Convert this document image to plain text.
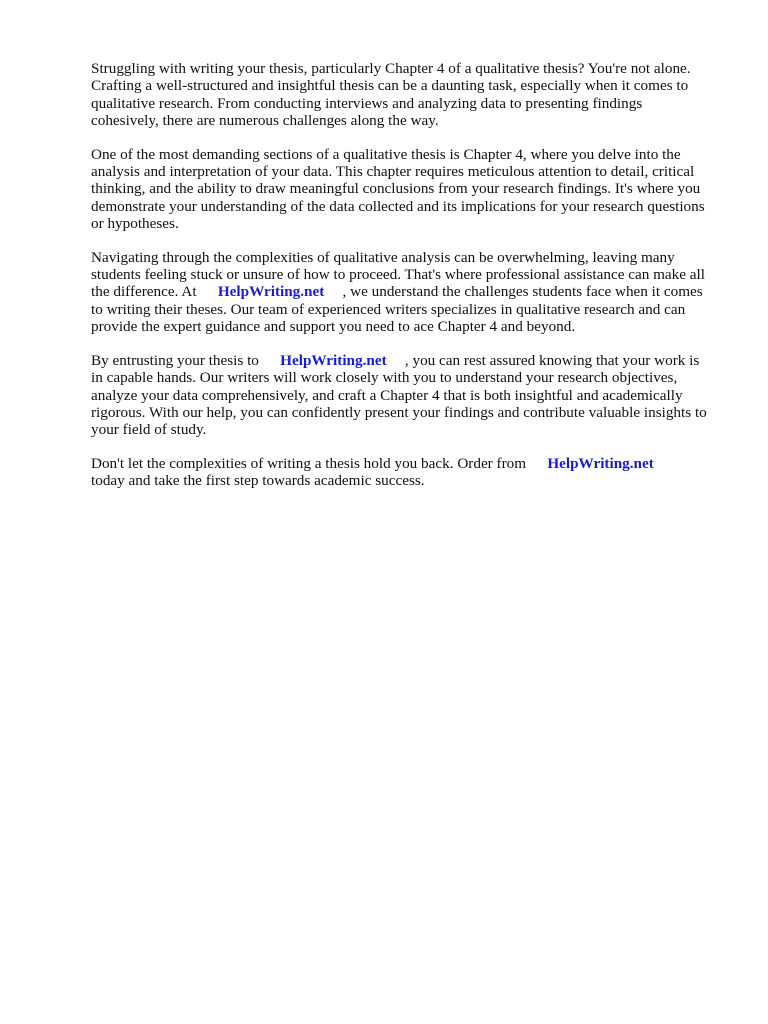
Struggling with writing your thesis, particularly Chapter 4 of a qualitative thesis? You're not alone.
Crafting a well-structured and insightful thesis can be a daunting task, especially when it comes to
qualitative research. From conducting interviews and analyzing data to presenting findings
cohesively, there are numerous challenges along the way.

One of the most demanding sections of a qualitative thesis is Chapter 4, where you delve into the
analysis and interpretation of your data. This chapter requires meticulous attention to detail, critical
thinking, and the ability to draw meaningful conclusions from your research findings. It's where you
demonstrate your understanding of the data collected and its implications for your research questions
or hypotheses.

Navigating through the complexities of qualitative analysis can be overwhelming, leaving many
students feeling stuck or unsure of how to proceed. That's where professional assistance can make all
the difference. At HelpWriting.net , we understand the challenges students face when it comes
to writing their theses. Our team of experienced writers specializes in qualitative research and can
provide the expert guidance and support you need to ace Chapter 4 and beyond.

By entrusting your thesis to HelpWriting.net , you can rest assured knowing that your work is
in capable hands. Our writers will work closely with you to understand your research objectives,
analyze your data comprehensively, and craft a Chapter 4 that is both insightful and academically
rigorous. With our help, you can confidently present your findings and contribute valuable insights to
your field of study.

Don't let the complexities of writing a thesis hold you back. Order from HelpWriting.net
today and take the first step towards academic success.
